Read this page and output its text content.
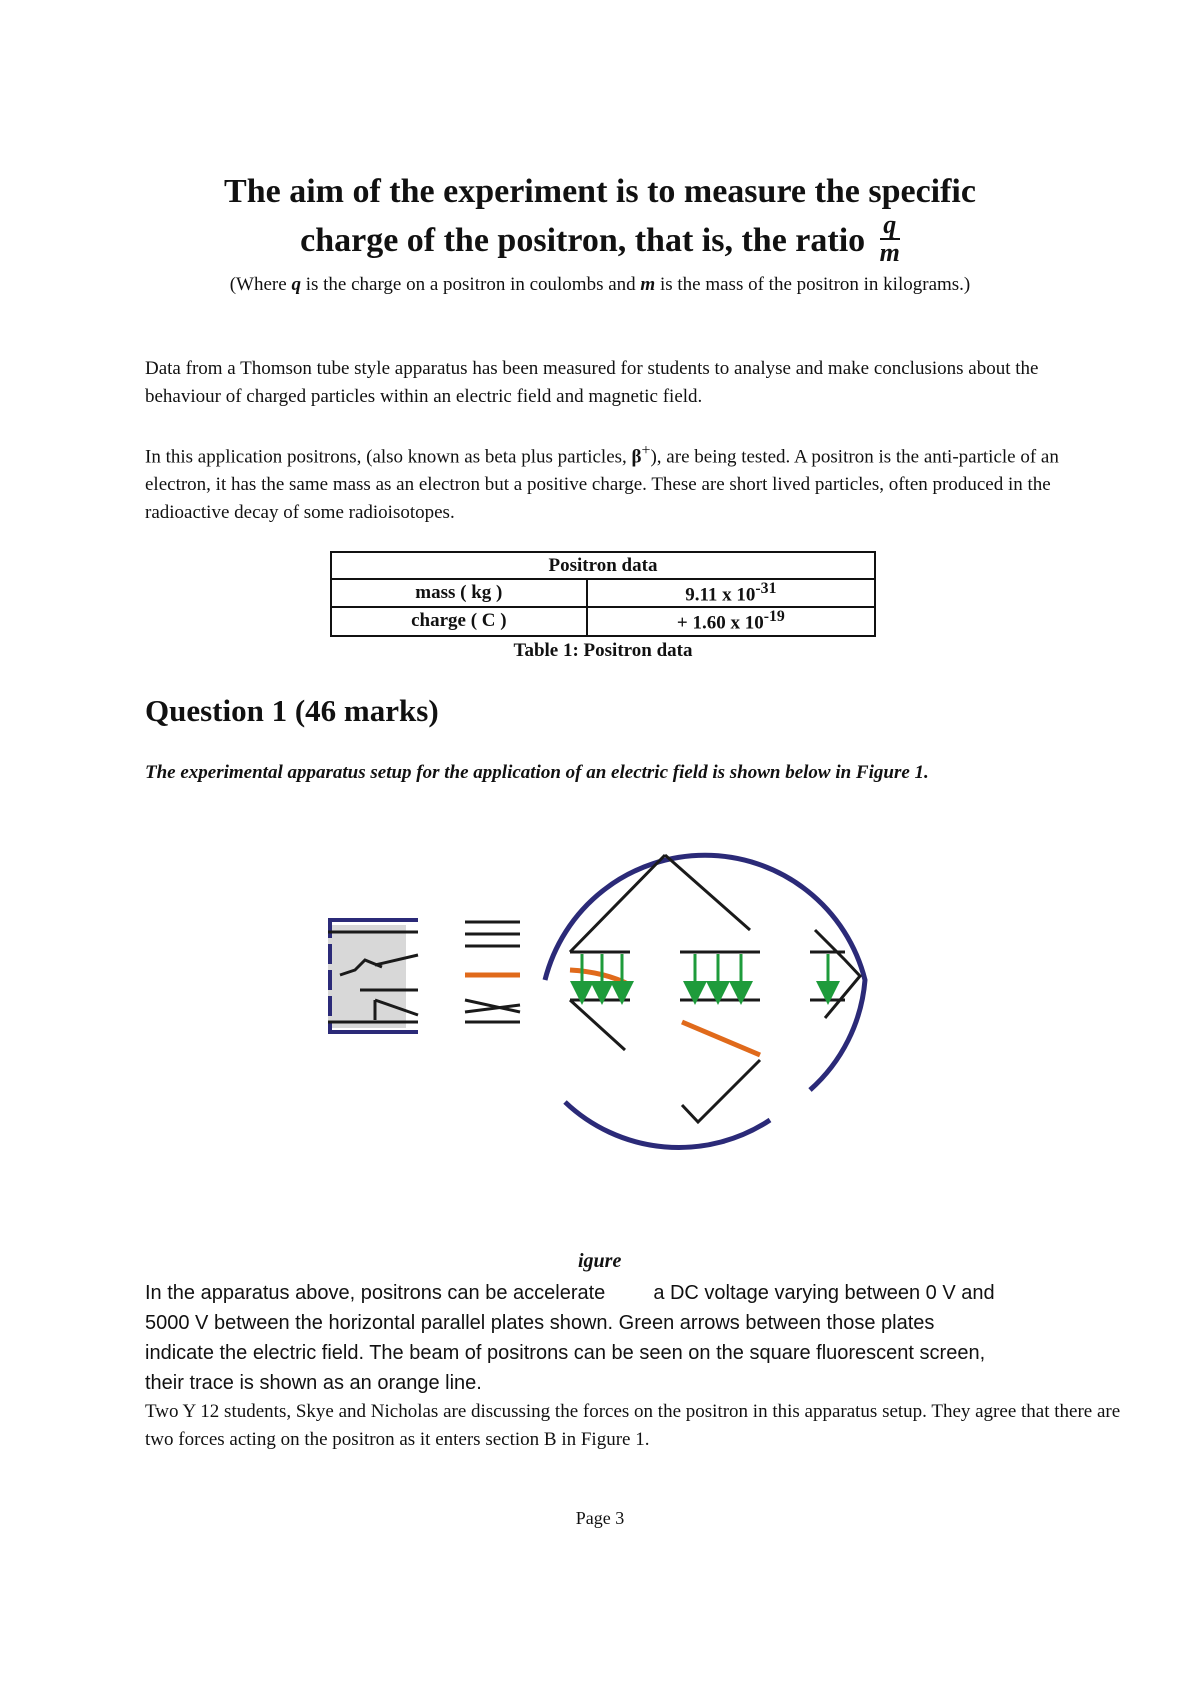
The aim of the experiment is to measure the specific
charge of the positron, that is, the ratio $\frac{q}{m}$
(Where q is the charge on a positron in coulombs and m is the mass of the positron in kilograms.)
Data from a Thomson tube style apparatus has been measured for students to analyse and make conclusions about the behaviour of charged particles within an electric field and magnetic field.
In this application positrons, (also known as beta plus particles, β+), are being tested. A positron is the anti-particle of an electron, it has the same mass as an electron but a positive charge. These are short lived particles, often produced in the radioactive decay of some radioisotopes.
Positron data	
mass ( kg )	9.11 x $10^{-31}$
charge ( C )	+ 1.60 x $10^{-19}$
Table 1: Positron data
Question 1 (46 marks)
The experimental apparatus setup for the application of an electric field is shown below in Figure 1.
igure
In the apparatus above, positrons can be accelerate a DC voltage varying between 0 V and
5000 V between the horizontal parallel plates shown. Green arrows between those plates
indicate the electric field. The beam of positrons can be seen on the square fluorescent screen,
their trace is shown as an orange line.
Two Y 12 students, Skye and Nicholas are discussing the forces on the positron in this apparatus setup. They agree that there are two forces acting on the positron as it enters section B in Figure 1.
Page 3
